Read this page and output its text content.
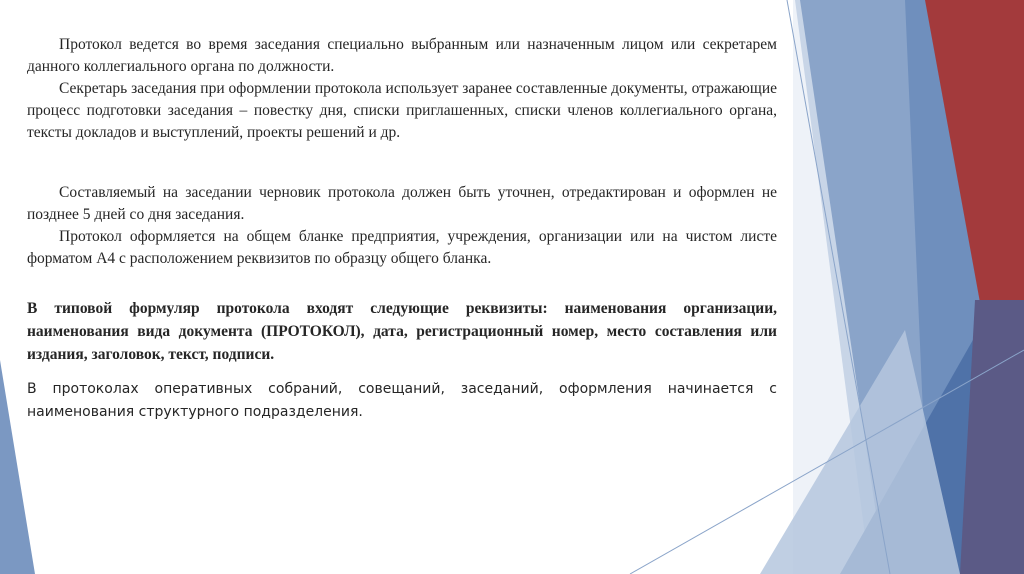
Протокол ведется во время заседания специально выбранным или назначенным лицом или секретарем данного коллегиального органа по должности.

Секретарь заседания при оформлении протокола использует заранее составленные документы, отражающие процесс подготовки заседания – повестку дня, списки приглашенных, списки членов коллегиального органа, тексты докладов и выступлений, проекты решений и др.

Составляемый на заседании черновик протокола должен быть уточнен, отредактирован и оформлен не позднее 5 дней со дня заседания.

Протокол оформляется на общем бланке предприятия, учреждения, организации или на чистом листе форматом А4 с расположением реквизитов по образцу общего бланка.

В типовой формуляр протокола входят следующие реквизиты: наименования организации, наименования вида документа (ПРОТОКОЛ), дата, регистрационный номер, место составления или издания, заголовок, текст, подписи.

В протоколах оперативных собраний, совещаний, заседаний, оформления начинается с наименования структурного подразделения.
